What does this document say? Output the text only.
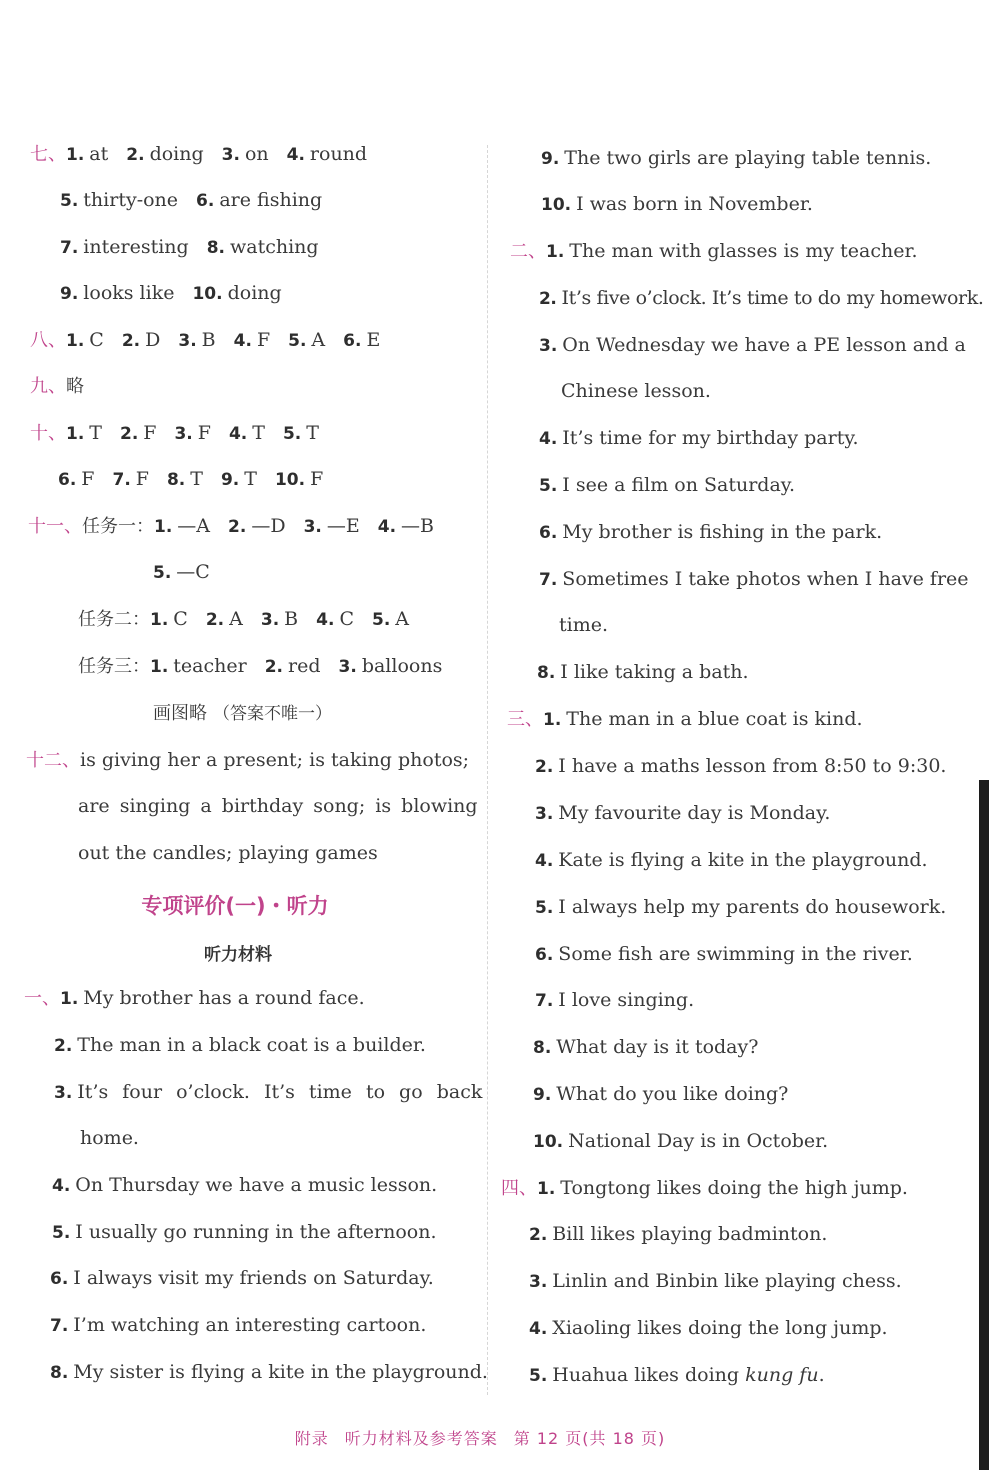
七、1. at 2. doing 3. on 4. round
5. thirty-one 6. are fishing
7. interesting 8. watching
9. looks like 10. doing
八、1. C 2. D 3. B 4. F 5. A 6. E
九、略
十、1. T 2. F 3. F 4. T 5. T
6. F 7. F 8. T 9. T 10. F
十一、任务一：1. —A 2. —D 3. —E 4. —B
5. —C
任务二：1. C 2. A 3. B 4. C 5. A
任务三：1. teacher 2. red 3. balloons
画图略 （答案不唯一）
十二、is giving her a present; is taking photos;
are singing a birthday song; is blowing
out the candles; playing games
专项评价(一)・听力
听力材料
一、1. My brother has a round face.
2. The man in a black coat is a builder.
3. It’s four o’clock. It’s time to go back
home.
4. On Thursday we have a music lesson.
5. I usually go running in the afternoon.
6. I always visit my friends on Saturday.
7. I’m watching an interesting cartoon.
8. My sister is flying a kite in the playground.
9. The two girls are playing table tennis.
10. I was born in November.
二、1. The man with glasses is my teacher.
2. It’s five o’clock. It’s time to do my homework.
3. On Wednesday we have a PE lesson and a
Chinese lesson.
4. It’s time for my birthday party.
5. I see a film on Saturday.
6. My brother is fishing in the park.
7. Sometimes I take photos when I have free
time.
8. I like taking a bath.
三、1. The man in a blue coat is kind.
2. I have a maths lesson from 8:50 to 9:30.
3. My favourite day is Monday.
4. Kate is flying a kite in the playground.
5. I always help my parents do housework.
6. Some fish are swimming in the river.
7. I love singing.
8. What day is it today?
9. What do you like doing?
10. National Day is in October.
四、1. Tongtong likes doing the high jump.
2. Bill likes playing badminton.
3. Linlin and Binbin like playing chess.
4. Xiaoling likes doing the long jump.
5. Huahua likes doing kung fu.
附录 听力材料及参考答案 第 12 页(共 18 页)
